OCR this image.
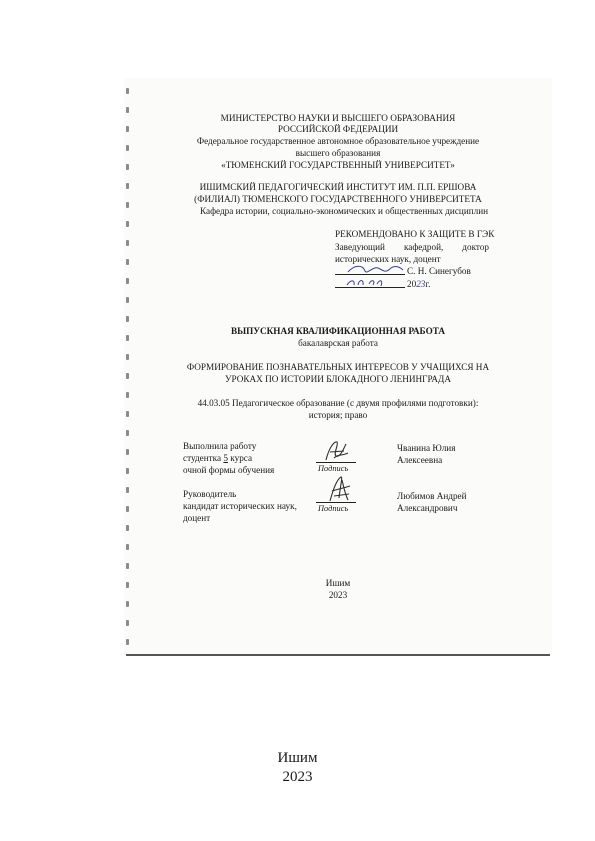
МИНИСТЕРСТВО НАУКИ И ВЫСШЕГО ОБРАЗОВАНИЯ
РОССИЙСКОЙ ФЕДЕРАЦИИ
Федеральное государственное автономное образовательное учреждение
высшего образования
«ТЮМЕНСКИЙ ГОСУДАРСТВЕННЫЙ УНИВЕРСИТЕТ»
ИШИМСКИЙ ПЕДАГОГИЧЕСКИЙ ИНСТИТУТ ИМ. П.П. ЕРШОВА
(ФИЛИАЛ) ТЮМЕНСКОГО ГОСУДАРСТВЕННОГО УНИВЕРСИТЕТА
Кафедра истории, социально-экономических и общественных дисциплин
РЕКОМЕНДОВАНО К ЗАЩИТЕ В ГЭК
Заведующий кафедрой, доктор
исторических наук, доцент
С. Н. Синегубов
2023г.
ВЫПУСКНАЯ КВАЛИФИКАЦИОННАЯ РАБОТА
бакалаврская работа
ФОРМИРОВАНИЕ ПОЗНАВАТЕЛЬНЫХ ИНТЕРЕСОВ У УЧАЩИХСЯ НА
УРОКАХ ПО ИСТОРИИ БЛОКАДНОГО ЛЕНИНГРАДА
44.03.05 Педагогическое образование (с двумя профилями подготовки):
история; право
Выполнила работу
студентка 5 курса
очной формы обучения	Подпись
Чванина Юлия
Алексеевна
Руководитель
кандидат исторических наук,
доцент
Подпись
Любимов Андрей
Александрович
Ишим
2023
Ишим
2023
